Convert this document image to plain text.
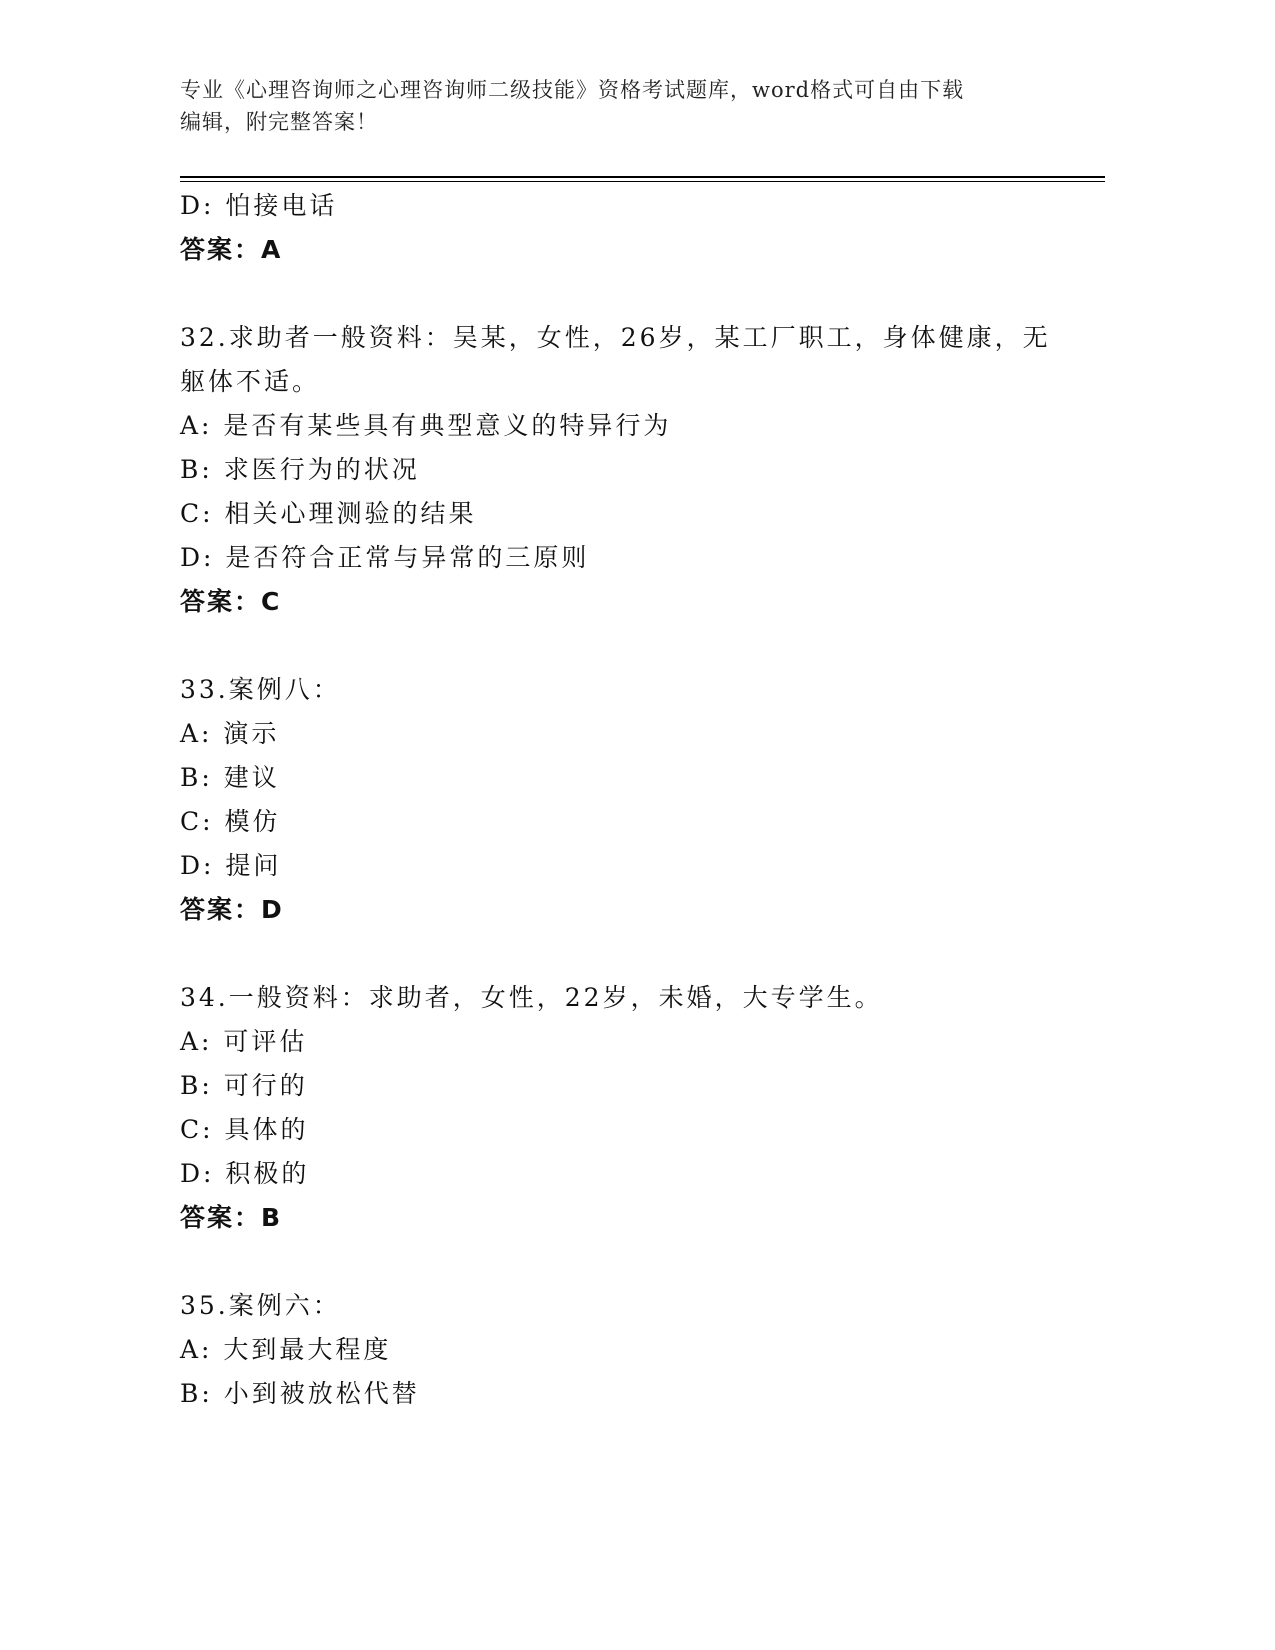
专业《心理咨询师之心理咨询师二级技能》资格考试题库，word格式可自由下载
编辑，附完整答案！
D: 怕接电话
答案：A
32.求助者一般资料：吴某，女性，26岁，某工厂职工，身体健康，无
躯体不适。
A: 是否有某些具有典型意义的特异行为
B: 求医行为的状况
C: 相关心理测验的结果
D: 是否符合正常与异常的三原则
答案：C
33.案例八：
A: 演示
B: 建议
C: 模仿
D: 提问
答案：D
34.一般资料：求助者，女性，22岁，未婚，大专学生。
A: 可评估
B: 可行的
C: 具体的
D: 积极的
答案：B
35.案例六：
A: 大到最大程度
B: 小到被放松代替
